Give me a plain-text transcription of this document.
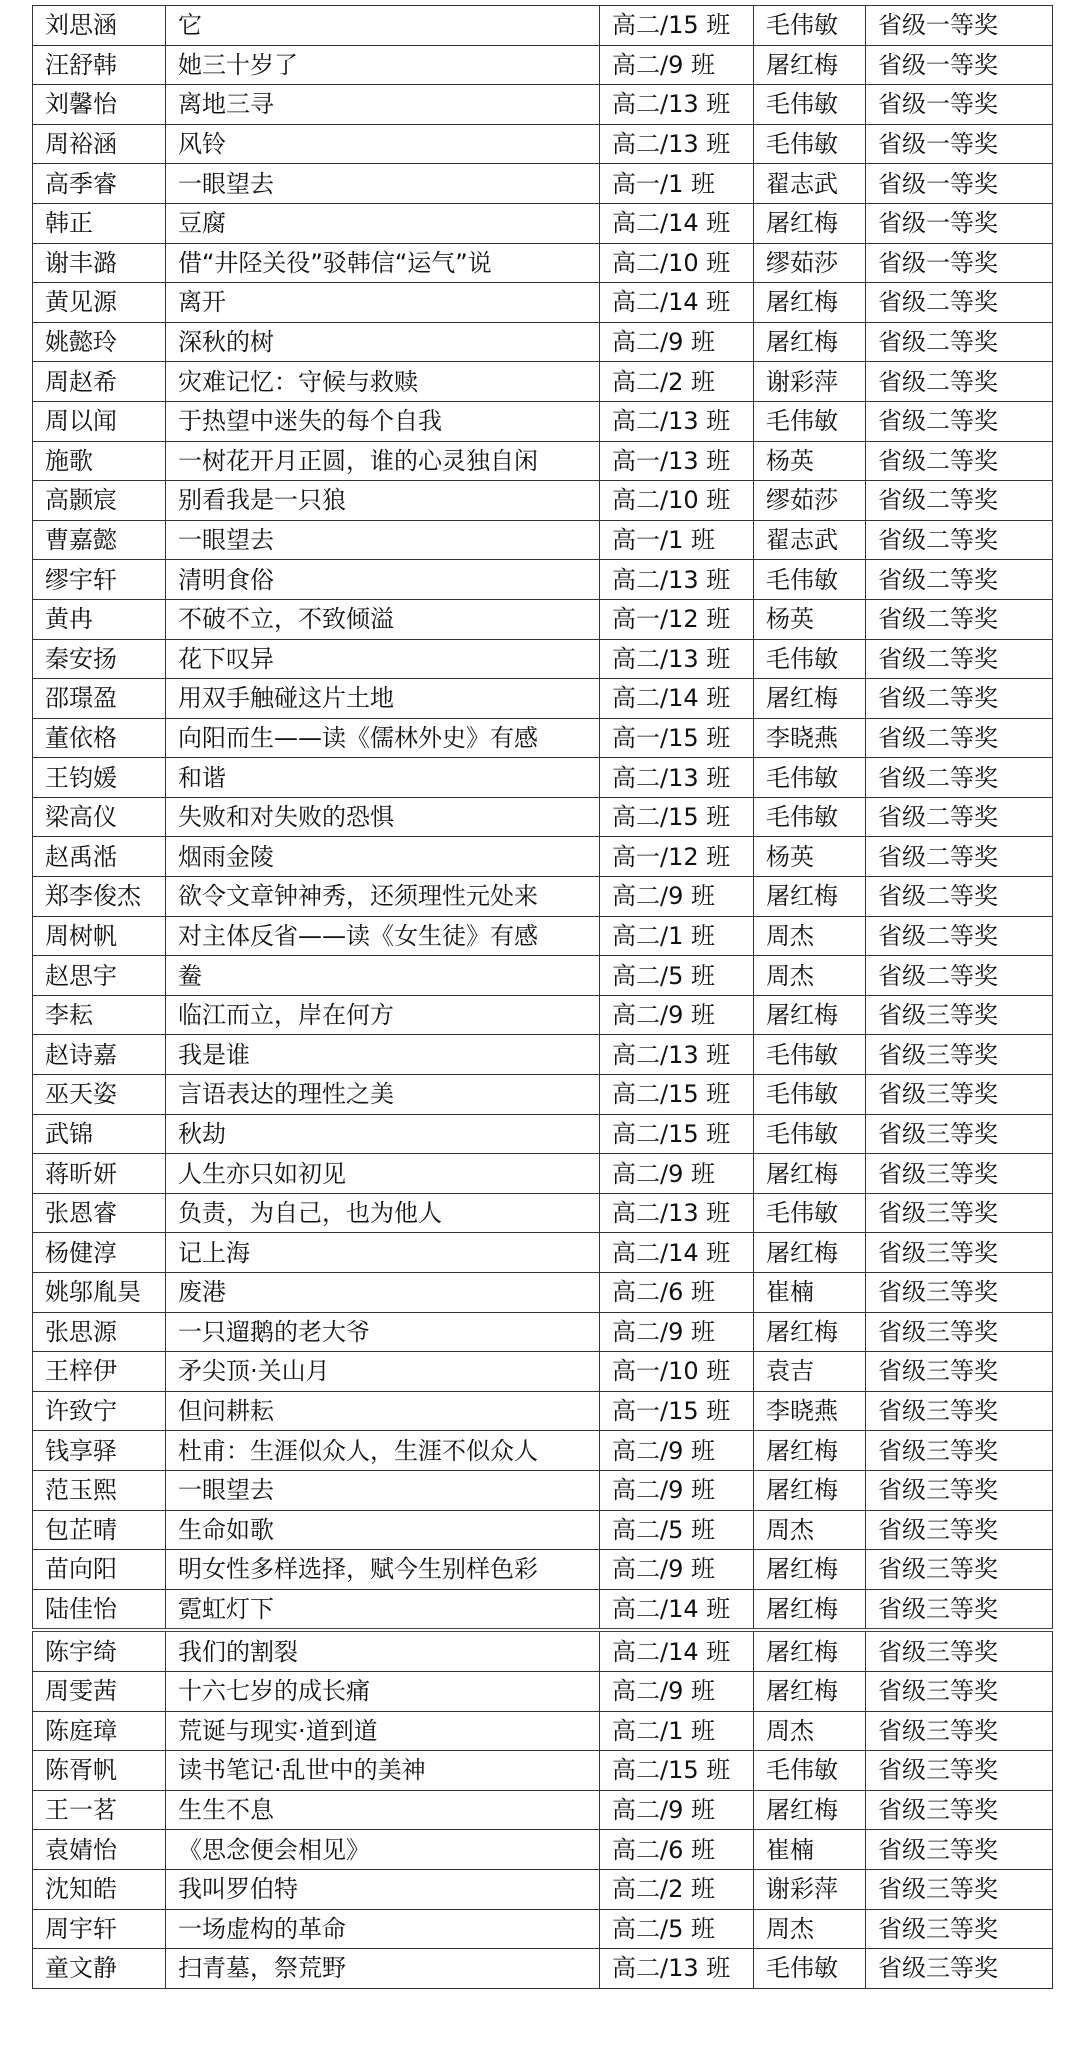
刘思涵	它	高二/15 班	毛伟敏	省级一等奖
汪舒韩	她三十岁了	高二/9 班	屠红梅	省级一等奖
刘馨怡	离地三寻	高二/13 班	毛伟敏	省级一等奖
周裕涵	风铃	高二/13 班	毛伟敏	省级一等奖
高季睿	一眼望去	高一/1 班	翟志武	省级一等奖
韩正	豆腐	高二/14 班	屠红梅	省级一等奖
谢丰潞	借“井陉关役”驳韩信“运气”说	高二/10 班	缪茹莎	省级一等奖
黄见源	离开	高二/14 班	屠红梅	省级二等奖
姚懿玲	深秋的树	高二/9 班	屠红梅	省级二等奖
周赵希	灾难记忆：守候与救赎	高二/2 班	谢彩萍	省级二等奖
周以闻	于热望中迷失的每个自我	高二/13 班	毛伟敏	省级二等奖
施歌	一树花开月正圆，谁的心灵独自闲	高一/13 班	杨英	省级二等奖
高颢宸	别看我是一只狼	高二/10 班	缪茹莎	省级二等奖
曹嘉懿	一眼望去	高一/1 班	翟志武	省级二等奖
缪宇轩	清明食俗	高二/13 班	毛伟敏	省级二等奖
黄冉	不破不立，不致倾溢	高一/12 班	杨英	省级二等奖
秦安扬	花下叹异	高二/13 班	毛伟敏	省级二等奖
邵璟盈	用双手触碰这片土地	高二/14 班	屠红梅	省级二等奖
董依格	向阳而生——读《儒林外史》有感	高一/15 班	李晓燕	省级二等奖
王钧媛	和谐	高二/13 班	毛伟敏	省级二等奖
梁高仪	失败和对失败的恐惧	高二/15 班	毛伟敏	省级二等奖
赵禹湉	烟雨金陵	高一/12 班	杨英	省级二等奖
郑李俊杰	欲令文章钟神秀，还须理性元处来	高二/9 班	屠红梅	省级二等奖
周树帆	对主体反省——读《女生徒》有感	高二/1 班	周杰	省级二等奖
赵思宇	鲞	高二/5 班	周杰	省级二等奖
李耘	临江而立，岸在何方	高二/9 班	屠红梅	省级三等奖
赵诗嘉	我是谁	高二/13 班	毛伟敏	省级三等奖
巫天姿	言语表达的理性之美	高二/15 班	毛伟敏	省级三等奖
武锦	秋劫	高二/15 班	毛伟敏	省级三等奖
蒋昕妍	人生亦只如初见	高二/9 班	屠红梅	省级三等奖
张恩睿	负责，为自己，也为他人	高二/13 班	毛伟敏	省级三等奖
杨健淳	记上海	高二/14 班	屠红梅	省级三等奖
姚邬胤昊	废港	高二/6 班	崔楠	省级三等奖
张思源	一只遛鹅的老大爷	高二/9 班	屠红梅	省级三等奖
王梓伊	矛尖顶·关山月	高一/10 班	袁吉	省级三等奖
许致宁	但问耕耘	高一/15 班	李晓燕	省级三等奖
钱享驿	杜甫：生涯似众人，生涯不似众人	高二/9 班	屠红梅	省级三等奖
范玉熙	一眼望去	高二/9 班	屠红梅	省级三等奖
包芷晴	生命如歌	高二/5 班	周杰	省级三等奖
苗向阳	明女性多样选择，赋今生别样色彩	高二/9 班	屠红梅	省级三等奖
陆佳怡	霓虹灯下	高二/14 班	屠红梅	省级三等奖
陈宇绮	我们的割裂	高二/14 班	屠红梅	省级三等奖
周雯茜	十六七岁的成长痛	高二/9 班	屠红梅	省级三等奖
陈庭璋	荒诞与现实·道到道	高二/1 班	周杰	省级三等奖
陈胥帆	读书笔记·乱世中的美神	高二/15 班	毛伟敏	省级三等奖
王一茗	生生不息	高二/9 班	屠红梅	省级三等奖
袁婧怡	《思念便会相见》	高二/6 班	崔楠	省级三等奖
沈知皓	我叫罗伯特	高二/2 班	谢彩萍	省级三等奖
周宇轩	一场虚构的革命	高二/5 班	周杰	省级三等奖
童文静	扫青墓，祭荒野	高二/13 班	毛伟敏	省级三等奖
